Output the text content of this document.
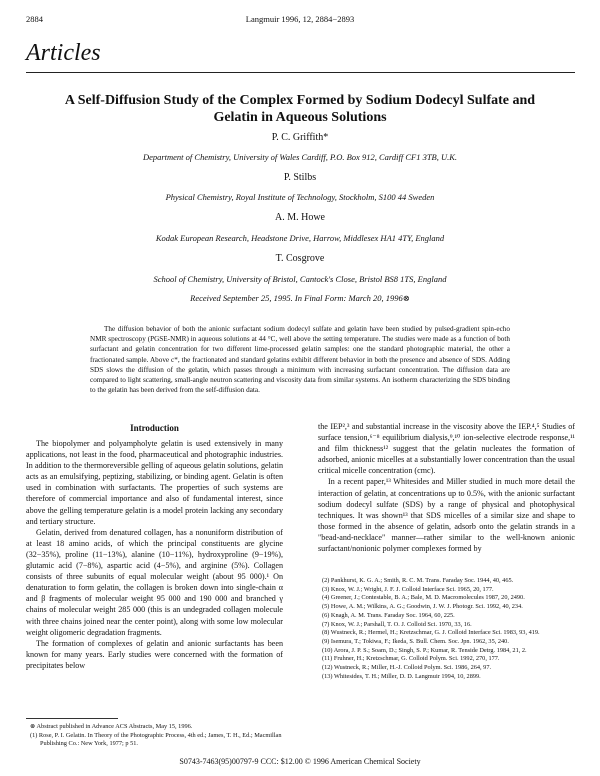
2884	Langmuir 1996, 12, 2884−2893
Articles
A Self-Diffusion Study of the Complex Formed by Sodium Dodecyl Sulfate and Gelatin in Aqueous Solutions
P. C. Griffith*
Department of Chemistry, University of Wales Cardiff, P.O. Box 912, Cardiff CF1 3TB, U.K.
P. Stilbs
Physical Chemistry, Royal Institute of Technology, Stockholm, S100 44 Sweden
A. M. Howe
Kodak European Research, Headstone Drive, Harrow, Middlesex HA1 4TY, England
T. Cosgrove
School of Chemistry, University of Bristol, Cantock's Close, Bristol BS8 1TS, England
Received September 25, 1995. In Final Form: March 20, 1996⊗
The diffusion behavior of both the anionic surfactant sodium dodecyl sulfate and gelatin have been studied by pulsed-gradient spin-echo NMR spectroscopy (PGSE-NMR) in aqueous solutions at 44 °C, well above the setting temperature. The studies were made as a function of both surfactant and gelatin concentration for two different lime-processed gelatin samples: one the standard photographic material, the other a fractionated sample. Above c*, the fractionated and standard gelatins exhibit different behavior in both the presence and absence of SDS. Adding SDS slows the diffusion of the gelatin, which passes through a minimum with increasing surfactant concentration. The diffusion data are compared to light scattering, small-angle neutron scattering and viscosity data from similar systems. An isotherm characterizing the SDS binding to the gelatin has been derived from the self-diffusion data.
Introduction

The biopolymer and polyampholyte gelatin is used extensively in many applications, not least in the food, pharmaceutical and photographic industries. In addition to the thermoreversible gelling of aqueous gelatin solutions, gelatin acts as an emulsifying, peptizing, stabilizing, or binding agent. Gelatin is often used in combination with surfactants. The properties of such systems are therefore of commercial importance and also of fundamental interest, since above the gelling temperature gelatin is a model protein lacking any secondary and tertiary structure.

Gelatin, derived from denatured collagen, has a nonuniform distribution of at least 18 amino acids, of which the principal constituents are glycine (32−35%), proline (11−13%), alanine (10−11%), hydroxyproline (9−19%), glutamic acid (7−8%), aspartic acid (4−5%), and arginine (5%). Collagen consists of three subunits of equal molecular weight (about 95 000).¹ On denaturation to form gelatin, the collagen is broken down into single-chain α and β fragments of molecular weight 95 000 and 190 000 and branched γ chains of molecular weight 285 000 (this is an undegraded collagen molecule with three chains joined near the center point), along with some low molecular weight oligomeric degradation fragments.

The formation of complexes of gelatin and anionic surfactants has been known for many years. Early studies were concerned with the formation of precipitates below

the IEP²,³ and substantial increase in the viscosity above the IEP.⁴,⁵ Studies of surface tension,⁶⁻⁸ equilibrium dialysis,⁹,¹⁰ ion-selective electrode response,¹¹ and film thickness¹² suggest that the gelatin nucleates the formation of adsorbed, anionic micelles at a substantially lower concentration than the usual critical micelle concentration (cmc).

In a recent paper,¹³ Whitesides and Miller studied in much more detail the interaction of gelatin, at concentrations up to 0.5%, with the anionic surfactant sodium dodecyl sulfate (SDS) by a range of physical and photophysical techniques. It was shown¹³ that SDS micelles of a similar size and shape to those formed in the absence of gelatin, adsorb onto the gelatin strands in a "bead-and-necklace" manner—rather similar to the well-known anionic surfactant/nonionic polymer complexes formed by

⊗ Abstract published in Advance ACS Abstracts, May 15, 1996.
(1) Rose, P. I. Gelatin. In Theory of the Photographic Process, 4th ed.; James, T. H., Ed.; Macmillan Publishing Co.: New York, 1977; p 51.
(2) Pankhurst, K. G. A.; Smith, R. C. M. Trans. Faraday Soc. 1944, 40, 465.
(3) Knox, W. J.; Wright, J. F. J. Colloid Interface Sci. 1965, 20, 177.
(4) Greener, J.; Contestable, B. A.; Bale, M. D. Macromolecules 1987, 20, 2490.
(5) Howe, A. M.; Wilkins, A. G.; Goodwin, J. W. J. Photogr. Sci. 1992, 40, 234.
(6) Knagh, A. M. Trans. Faraday Soc. 1964, 60, 225.
(7) Knox, W. J.; Parshall, T. O. J. Colloid Sci. 1970, 33, 16.
(8) Wustneck, R.; Hermel, H.; Kretzschmar, G. J. Colloid Interface Sci. 1983, 93, 419.
(9) Isemura, T.; Tokiwa, F.; Ikeda, S. Bull. Chem. Soc. Jpn. 1962, 35, 240.
(10) Arora, J. P. S.; Soam, D.; Singh, S. P.; Kumar, R. Tenside Detrg. 1984, 21, 2.
(11) Fruhner, H.; Kretzschmar, G. Colloid Polym. Sci. 1992, 270, 177.
(12) Wustneck, R.; Miller, H.-J. Colloid Polym. Sci. 1986, 264, 97.
(13) Whitesides, T. H.; Miller, D. D. Langmuir 1994, 10, 2899.
S0743-7463(95)00797-9 CCC: $12.00 © 1996 American Chemical Society
